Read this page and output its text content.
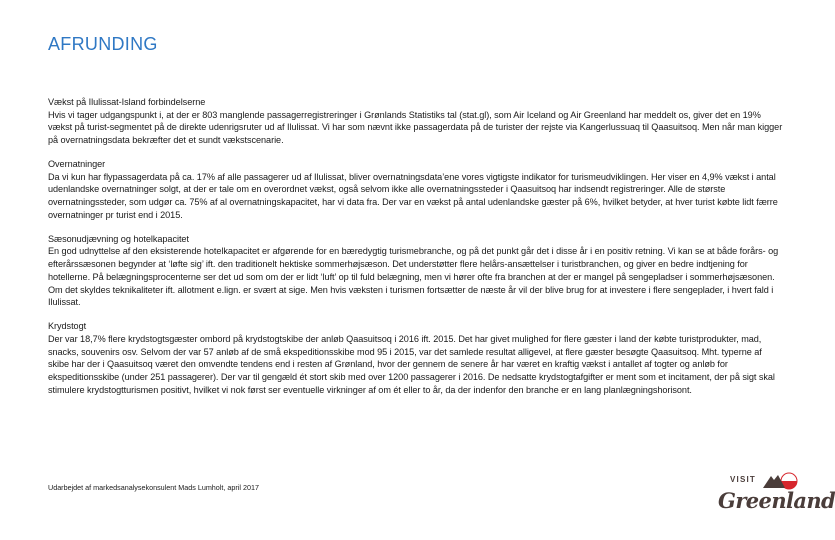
AFRUNDING
Vækst på Ilulissat-Island forbindelserne

Hvis vi tager udgangspunkt i, at der er 803 manglende passagerregistreringer i Grønlands Statistiks tal (stat.gl), som Air Iceland og Air Greenland har meddelt os, giver det en 19% vækst på turist-segmentet på de direkte udenrigsruter ud af Ilulissat. Vi har som nævnt ikke passagerdata på de turister der rejste via Kangerlussuaq til Qaasuitsoq. Men når man kigger på overnatningsdata bekræfter det et sundt vækstscenarie.

Overnatninger

Da vi kun har flypassagerdata på ca. 17% af alle passagerer ud af Ilulissat, bliver overnatningsdata’ene vores vigtigste indikator for turismeudviklingen. Her viser en 4,9% vækst i antal udenlandske overnatninger solgt, at der er tale om en overordnet vækst, også selvom ikke alle overnatningssteder i Qaasuitsoq har indsendt registreringer. Alle de største overnatningssteder, som udgør ca. 75% af al overnatningskapacitet, har vi data fra. Der var en vækst på antal udenlandske gæster på 6%, hvilket betyder, at hver turist købte lidt færre overnatninger pr turist end i 2015.

Sæsonudjævning og hotelkapacitet

En god udnyttelse af den eksisterende hotelkapacitet er afgørende for en bæredygtig turismebranche, og på det punkt går det i disse år i en positiv retning. Vi kan se at både forårs- og efterårssæsonen begynder at ‘løfte sig’ ift. den traditionelt hektiske sommerhøjsæson. Det understøtter flere helårs-ansættelser i turistbranchen, og giver en bedre indtjening for hotellerne. På belægningsprocenterne ser det ud som om der er lidt ‘luft’ op til fuld belægning, men vi hører ofte fra branchen at der er mangel på sengepladser i sommerhøjsæsonen. Om det skyldes teknikaliteter ift. allotment e.lign. er svært at sige. Men hvis væksten i turismen fortsætter de næste år vil der blive brug for at investere i flere sengeplader, i hvert fald i Ilulissat.

Krydstogt

Der var 18,7% flere krydstogtsgæster ombord på krydstogtskibe der anløb Qaasuitsoq i 2016 ift. 2015. Det har givet mulighed for flere gæster i land der købte turistprodukter, mad, snacks, souvenirs osv. Selvom der var 57 anløb af de små ekspeditionsskibe mod 95 i 2015, var det samlede resultat alligevel, at flere gæster besøgte Qaasuitsoq. Mht. typerne af skibe har der i Qaasuitsoq været den omvendte tendens end i resten af Grønland, hvor der gennem de senere år har været en kraftig vækst i antallet af togter og anløb for ekspeditionsskibe (under 251 passagerer). Der var til gengæld ét stort skib med over 1200 passagerer i 2016. De nedsatte krydstogtafgifter er ment som et incitament, der på sigt skal stimulere krydstogtturismen positivt, hvilket vi nok først ser eventuelle virkninger af om ét eller to år, da der indenfor den branche er en lang planlægningshorisont.

Udarbejdet af markedsanalysekonsulent Mads Lumholt, april 2017
VISIT
Greenland
